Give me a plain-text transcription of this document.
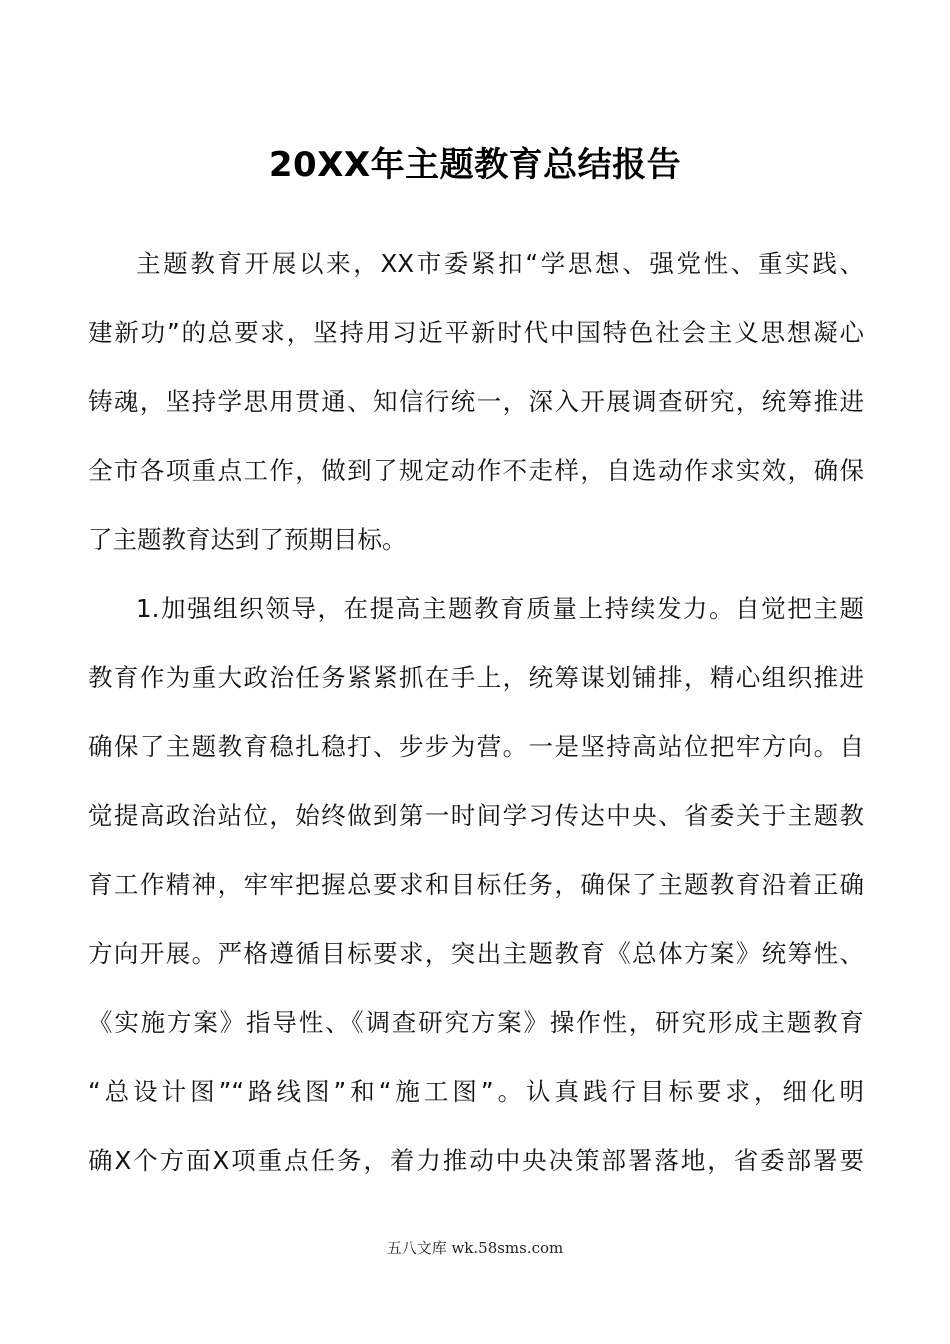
20XX年主题教育总结报告
主题教育开展以来，XX市委紧扣“学思想、强党性、重实践、
建新功”的总要求，坚持用习近平新时代中国特色社会主义思想凝心
铸魂，坚持学思用贯通、知信行统一，深入开展调查研究，统筹推进
全市各项重点工作，做到了规定动作不走样，自选动作求实效，确保
了主题教育达到了预期目标。
1.加强组织领导，在提高主题教育质量上持续发力。自觉把主题
教育作为重大政治任务紧紧抓在手上，统筹谋划铺排，精心组织推进
确保了主题教育稳扎稳打、步步为营。一是坚持高站位把牢方向。自
觉提高政治站位，始终做到第一时间学习传达中央、省委关于主题教
育工作精神，牢牢把握总要求和目标任务，确保了主题教育沿着正确
方向开展。严格遵循目标要求，突出主题教育《总体方案》统筹性、
《实施方案》指导性、《调查研究方案》操作性，研究形成主题教育
“总设计图”“路线图”和“施工图”。认真践行目标要求，细化明
确X个方面X项重点任务，着力推动中央决策部署落地，省委部署要
五八文库 wk.58sms.com
